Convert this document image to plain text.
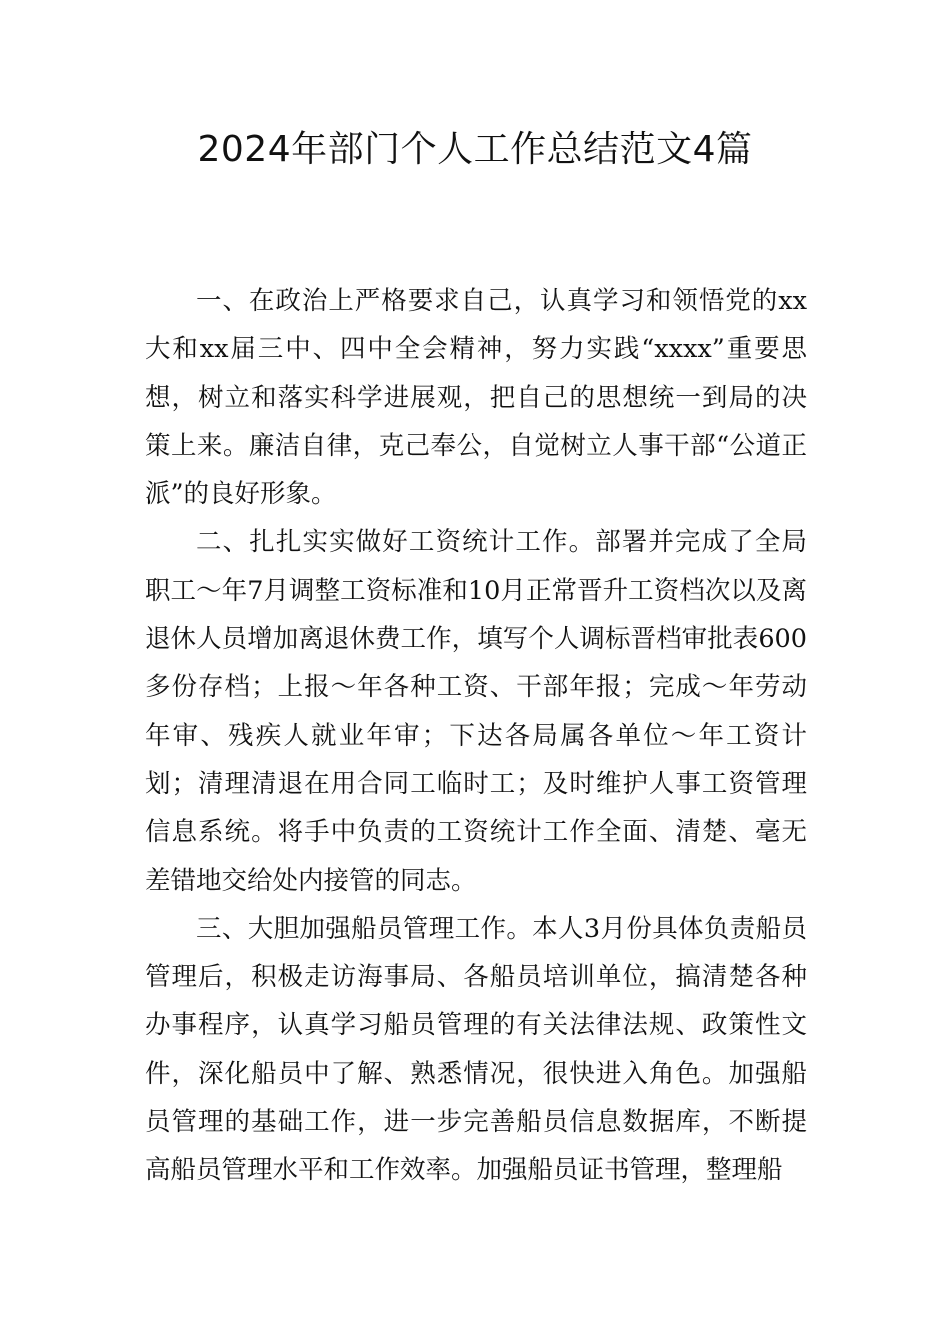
2024年部门个人工作总结范文4篇

一、在政治上严格要求自己，认真学习和领悟党的xx大和xx届三中、四中全会精神，努力实践“xxxx”重要思想，树立和落实科学进展观，把自己的思想统一到局的决策上来。廉洁自律，克己奉公，自觉树立人事干部“公道正派”的良好形象。

二、扎扎实实做好工资统计工作。部署并完成了全局职工～年7月调整工资标准和10月正常晋升工资档次以及离退休人员增加离退休费工作，填写个人调标晋档审批表600多份存档；上报～年各种工资、干部年报；完成～年劳动年审、残疾人就业年审；下达各局属各单位～年工资计划；清理清退在用合同工临时工；及时维护人事工资管理信息系统。将手中负责的工资统计工作全面、清楚、毫无差错地交给处内接管的同志。

三、大胆加强船员管理工作。本人3月份具体负责船员管理后，积极走访海事局、各船员培训单位，搞清楚各种办事程序，认真学习船员管理的有关法律法规、政策性文件，深化船员中了解、熟悉情况，很快进入角色。加强船员管理的基础工作，进一步完善船员信息数据库，不断提高船员管理水平和工作效率。加强船员证书管理，整理船
